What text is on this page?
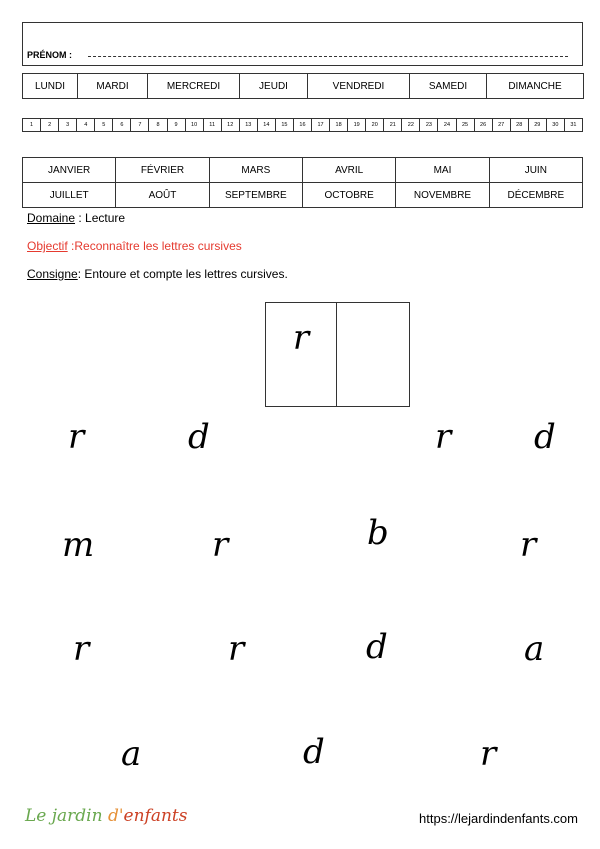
PRÉNOM :
LUNDI	MARDI	MERCREDI	JEUDI	VENDREDI	SAMEDI	DIMANCHE
1	2	3	4	5	6	7	8	9	10	11	12	13	14	15	16	17	18	19	20	21	22	23	24	25	26	27	28	29	30	31
JANVIER	FÉVRIER	MARS	AVRIL	MAI	JUIN
JUILLET	AOÛT	SEPTEMBRE	OCTOBRE	NOVEMBRE	DÉCEMBRE
Domaine : Lecture
Objectif :Reconnaître les lettres cursives
Consigne: Entoure et compte les lettres cursives.
r
r	d	r d
m	r	b	r
r	r	d	a
a	d	r
Le jardin d'enfants	https://lejardindenfants.com
